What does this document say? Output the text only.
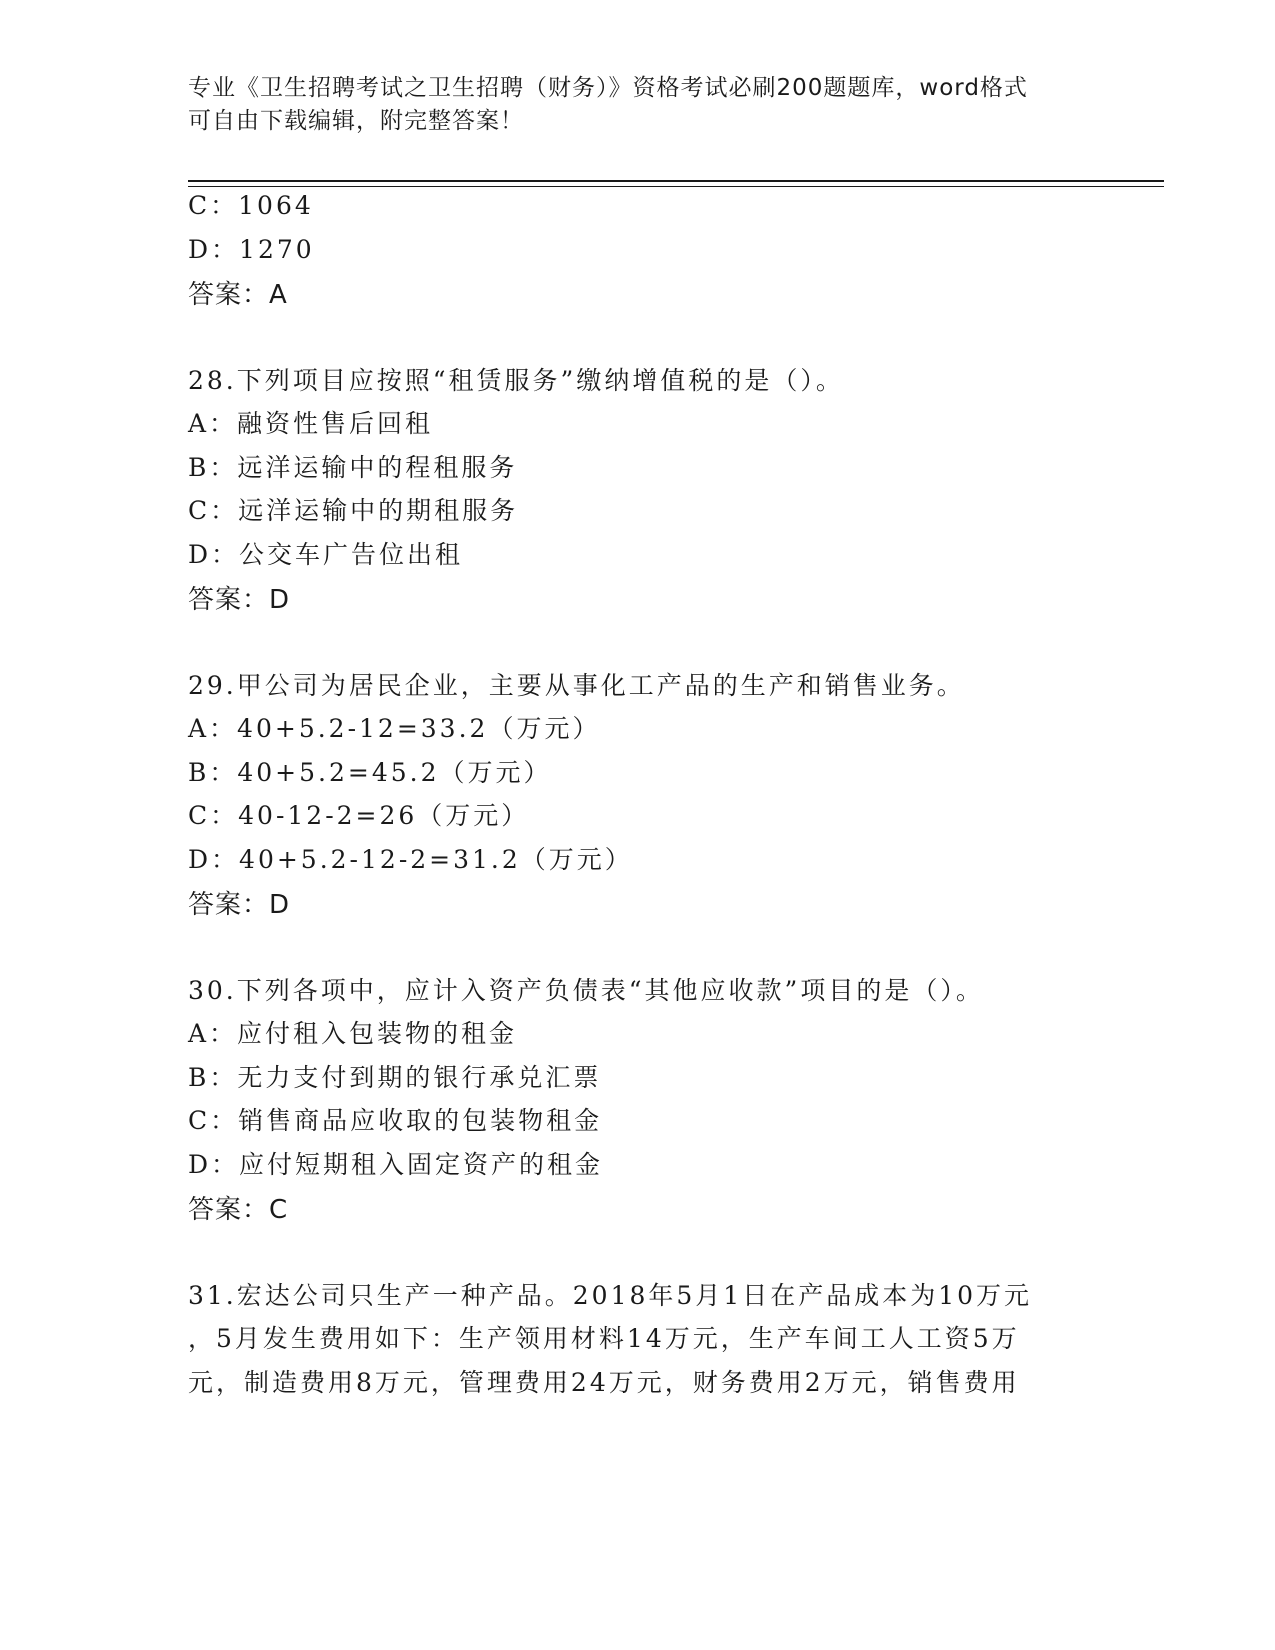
专业《卫生招聘考试之卫生招聘（财务）》资格考试必刷200题题库，word格式
可自由下载编辑，附完整答案！
C：1064
D：1270
答案：A
28.下列项目应按照“租赁服务”缴纳增值税的是（）。
A：融资性售后回租
B：远洋运输中的程租服务
C：远洋运输中的期租服务
D：公交车广告位出租
答案：D
29.甲公司为居民企业，主要从事化工产品的生产和销售业务。
A：40+5.2-12=33.2（万元）
B：40+5.2=45.2（万元）
C：40-12-2=26（万元）
D：40+5.2-12-2=31.2（万元）
答案：D
30.下列各项中，应计入资产负债表“其他应收款”项目的是（）。
A：应付租入包装物的租金
B：无力支付到期的银行承兑汇票
C：销售商品应收取的包装物租金
D：应付短期租入固定资产的租金
答案：C
31.宏达公司只生产一种产品。2018年5月1日在产品成本为10万元
，5月发生费用如下：生产领用材料14万元，生产车间工人工资5万
元，制造费用8万元，管理费用24万元，财务费用2万元，销售费用
